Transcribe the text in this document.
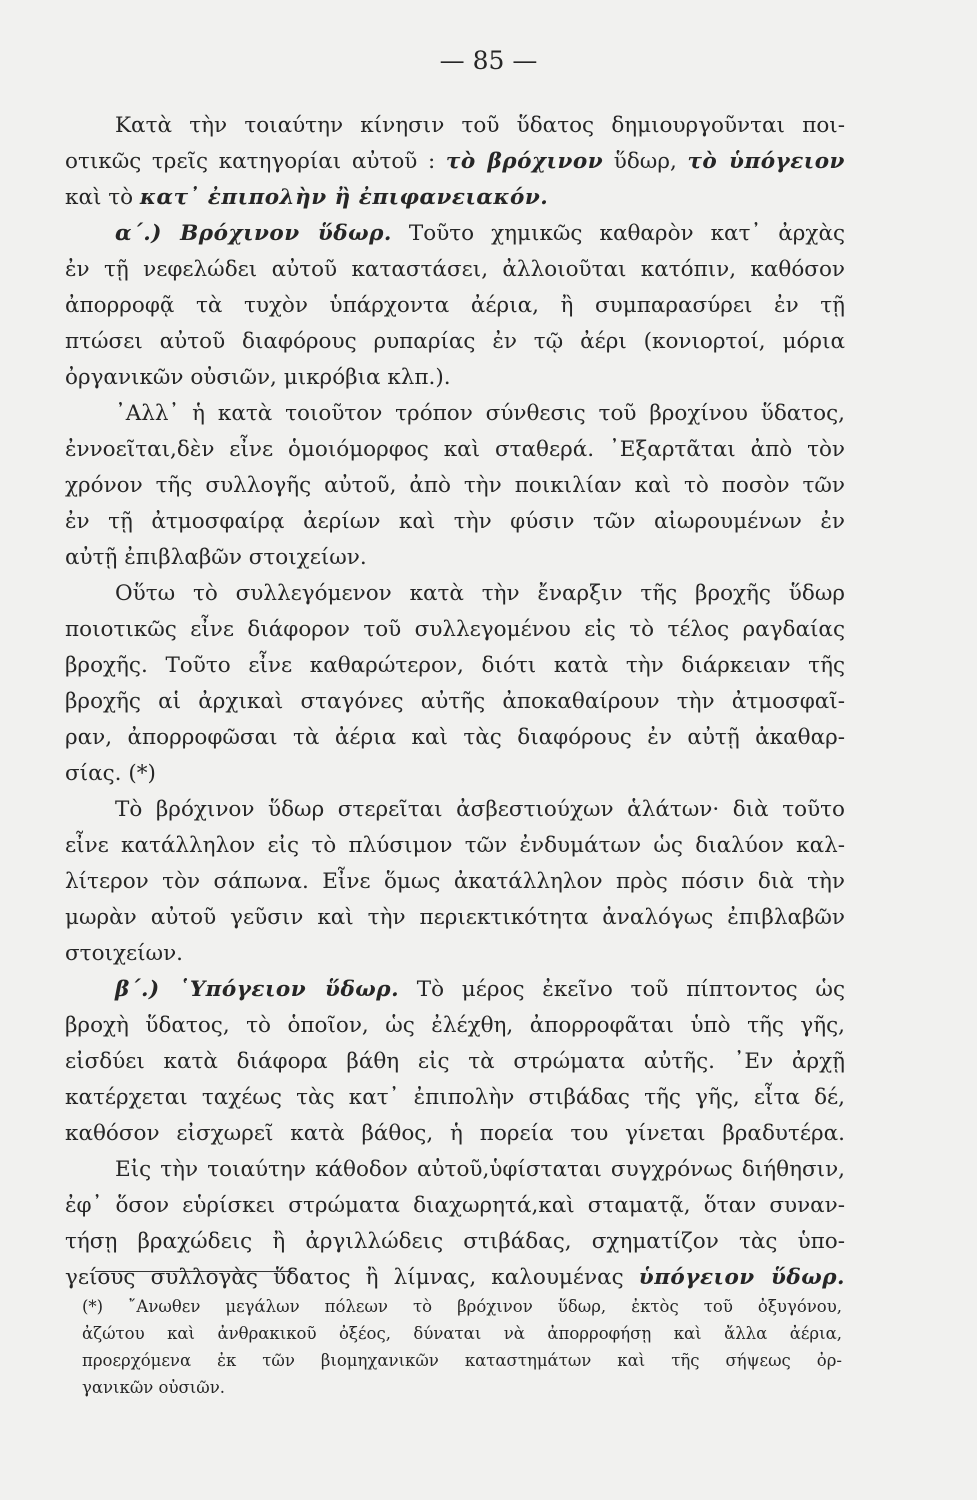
— 85 —
Κατὰ τὴν τοιαύτην κίνησιν τοῦ ὕδατος δημιουργοῦνται ποι-
οτικῶς τρεῖς κατηγορίαι αὐτοῦ : τὸ βρόχινον ὕδωρ, τὸ ὑπόγειον
καὶ τὸ κατ᾽ ἐπιπολὴν ἢ ἐπιφανειακόν.
α΄.) Βρόχινον ὕδωρ. Τοῦτο χημικῶς καθαρὸν κατ᾽ ἀρχὰς
ἐν τῇ νεφελώδει αὐτοῦ καταστάσει, ἀλλοιοῦται κατόπιν, καθόσον
ἀπορροφᾷ τὰ τυχὸν ὑπάρχοντα ἀέρια, ἢ συμπαρασύρει ἐν τῇ
πτώσει αὐτοῦ διαφόρους ρυπαρίας ἐν τῷ ἀέρι (κονιορτοί, μόρια
ὀργανικῶν οὐσιῶν, μικρόβια κλπ.).
᾽Αλλ᾽ ἡ κατὰ τοιοῦτον τρόπον σύνθεσις τοῦ βροχίνου ὕδατος,
ἐννοεῖται,δὲν εἶνε ὁμοιόμορφος καὶ σταθερά. ᾽Εξαρτᾶται ἀπὸ τὸν
χρόνον τῆς συλλογῆς αὐτοῦ, ἀπὸ τὴν ποικιλίαν καὶ τὸ ποσὸν τῶν
ἐν τῇ ἀτμοσφαίρᾳ ἀερίων καὶ τὴν φύσιν τῶν αἰωρουμένων ἐν
αὐτῇ ἐπιβλαβῶν στοιχείων.
Οὕτω τὸ συλλεγόμενον κατὰ τὴν ἔναρξιν τῆς βροχῆς ὕδωρ
ποιοτικῶς εἶνε διάφορον τοῦ συλλεγομένου εἰς τὸ τέλος ραγδαίας
βροχῆς. Τοῦτο εἶνε καθαρώτερον, διότι κατὰ τὴν διάρκειαν τῆς
βροχῆς αἱ ἀρχικαὶ σταγόνες αὐτῆς ἀποκαθαίρουν τὴν ἀτμοσφαῖ-
ραν, ἀπορροφῶσαι τὰ ἀέρια καὶ τὰς διαφόρους ἐν αὐτῇ ἀκαθαρ-
σίας. (*)
Τὸ βρόχινον ὕδωρ στερεῖται ἀσβεστιούχων ἁλάτων· διὰ τοῦτο
εἶνε κατάλληλον εἰς τὸ πλύσιμον τῶν ἐνδυμάτων ὡς διαλύον καλ-
λίτερον τὸν σάπωνα. Εἶνε ὅμως ἀκατάλληλον πρὸς πόσιν διὰ τὴν
μωρὰν αὐτοῦ γεῦσιν καὶ τὴν περιεκτικότητα ἀναλόγως ἐπιβλαβῶν
στοιχείων.
β΄.) ῾Υπόγειον ὕδωρ. Τὸ μέρος ἐκεῖνο τοῦ πίπτοντος ὡς
βροχὴ ὕδατος, τὸ ὁποῖον, ὡς ἐλέχθη, ἀπορροφᾶται ὑπὸ τῆς γῆς,
εἰσδύει κατὰ διάφορα βάθη εἰς τὰ στρώματα αὐτῆς. ᾽Εν ἀρχῇ
κατέρχεται ταχέως τὰς κατ᾽ ἐπιπολὴν στιβάδας τῆς γῆς, εἶτα δέ,
καθόσον εἰσχωρεῖ κατὰ βάθος, ἡ πορεία του γίνεται βραδυτέρα.
Εἰς τὴν τοιαύτην κάθοδον αὐτοῦ,ὑφίσταται συγχρόνως διήθησιν,
ἐφ᾽ ὅσον εὑρίσκει στρώματα διαχωρητά,καὶ σταματᾷ, ὅταν συναν-
τήσῃ βραχώδεις ἢ ἀργιλλώδεις στιβάδας, σχηματίζον τὰς ὑπο-
γείους συλλογὰς ὕδατος ἢ λίμνας, καλουμένας ὑπόγειον ὕδωρ.
(*) ῎Ανωθεν μεγάλων πόλεων τὸ βρόχινον ὕδωρ, ἐκτὸς τοῦ ὀξυγόνου,
ἀζώτου καὶ ἀνθρακικοῦ ὀξέος, δύναται νὰ ἀπορροφήσῃ καὶ ἄλλα ἀέρια,
προερχόμενα ἐκ τῶν βιομηχανικῶν καταστημάτων καὶ τῆς σήψεως ὀρ-
γανικῶν οὐσιῶν.
